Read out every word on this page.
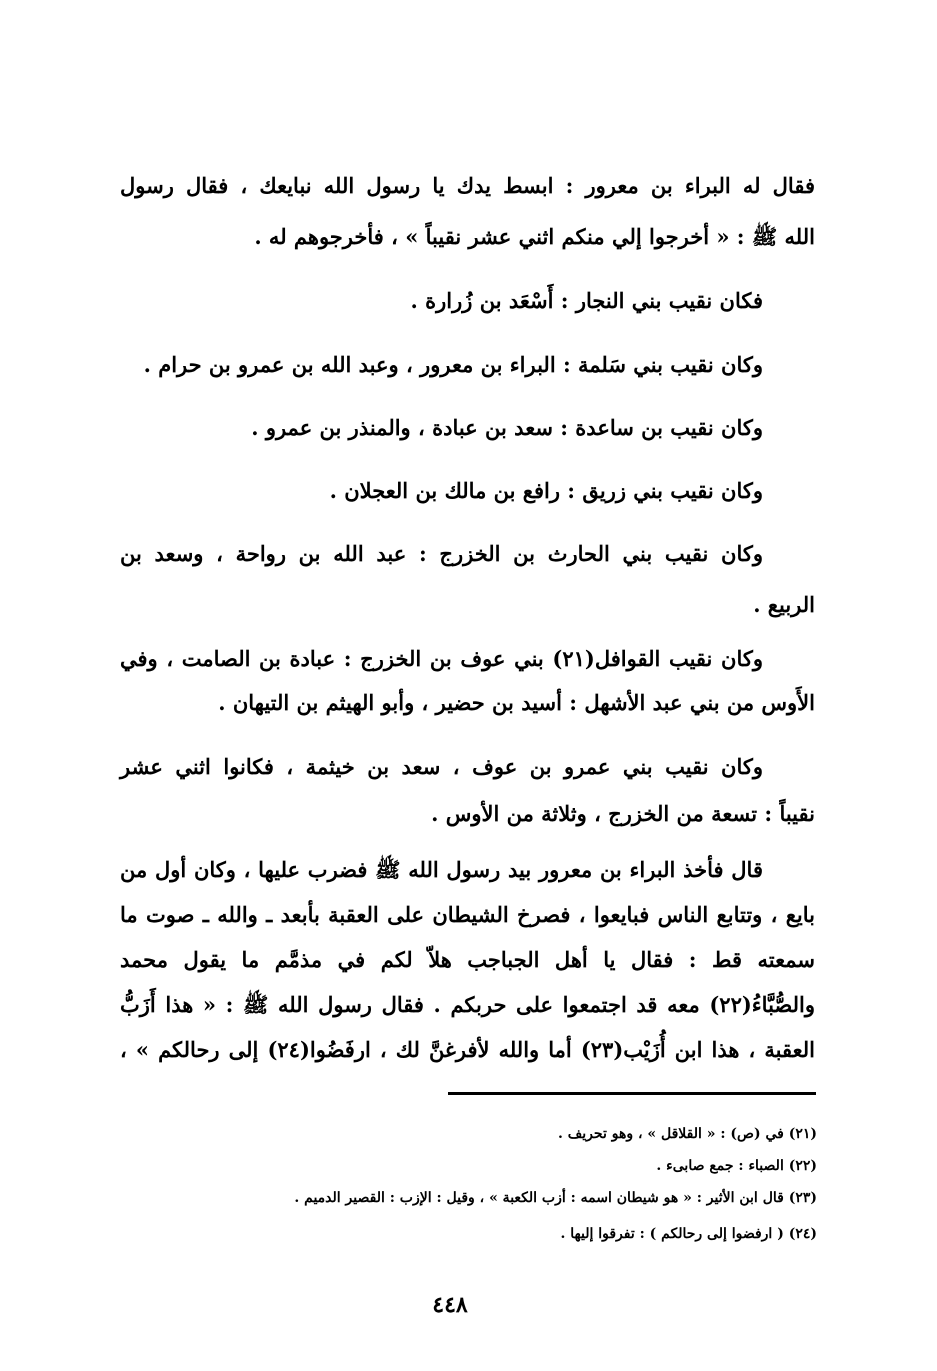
فقال له البراء بن معرور : ابسط يدك يا رسول الله نبايعك ، فقال رسول
الله ﷺ : « أخرجوا إلي منكم اثني عشر نقيباً » ، فأخرجوهم له .
فكان نقيب بني النجار : أَسْعَد بن زُرارة .
وكان نقيب بني سَلمة : البراء بن معرور ، وعبد الله بن عمرو بن حرام .
وكان نقيب بن ساعدة : سعد بن عبادة ، والمنذر بن عمرو .
وكان نقيب بني زريق : رافع بن مالك بن العجلان .
وكان نقيب بني الحارث بن الخزرج : عبد الله بن رواحة ، وسعد بن
الربيع .
وكان نقيب القوافل(٢١) بني عوف بن الخزرج : عبادة بن الصامت ، وفي
الأَوس من بني عبد الأشهل : أسيد بن حضير ، وأبو الهيثم بن التيهان .
وكان نقيب بني عمرو بن عوف ، سعد بن خيثمة ، فكانوا اثني عشر
نقيباً : تسعة من الخزرج ، وثلاثة من الأوس .
قال فأخذ البراء بن معرور بيد رسول الله ﷺ فضرب عليها ، وكان أول من
بايع ، وتتابع الناس فبايعوا ، فصرخ الشيطان على العقبة بأبعد ـ والله ـ صوت ما
سمعته قط : فقال يا أهل الجباجب هلاّ لكم في مذمَّم ما يقول محمد
والصُّبَّاءُ(٢٢) معه قد اجتمعوا على حربكم . فقال رسول الله ﷺ : « هذا أَزَبُّ
العقبة ، هذا ابن أُزَيْب(٢٣) أما والله لأفرغنَّ لك ، ارفَضُوا(٢٤) إلى رحالكم » ،
(٢١) في (ص) : « القلاقل » ، وهو تحريف .
(٢٢) الصباء : جمع صابىء .
(٢٣) قال ابن الأثير : « هو شيطان اسمه : أزب الكعبة » ، وقيل : الإزب : القصير الدميم .
(٢٤) ( ارفضوا إلى رحالكم ) : تفرقوا إليها .
٤٤٨
